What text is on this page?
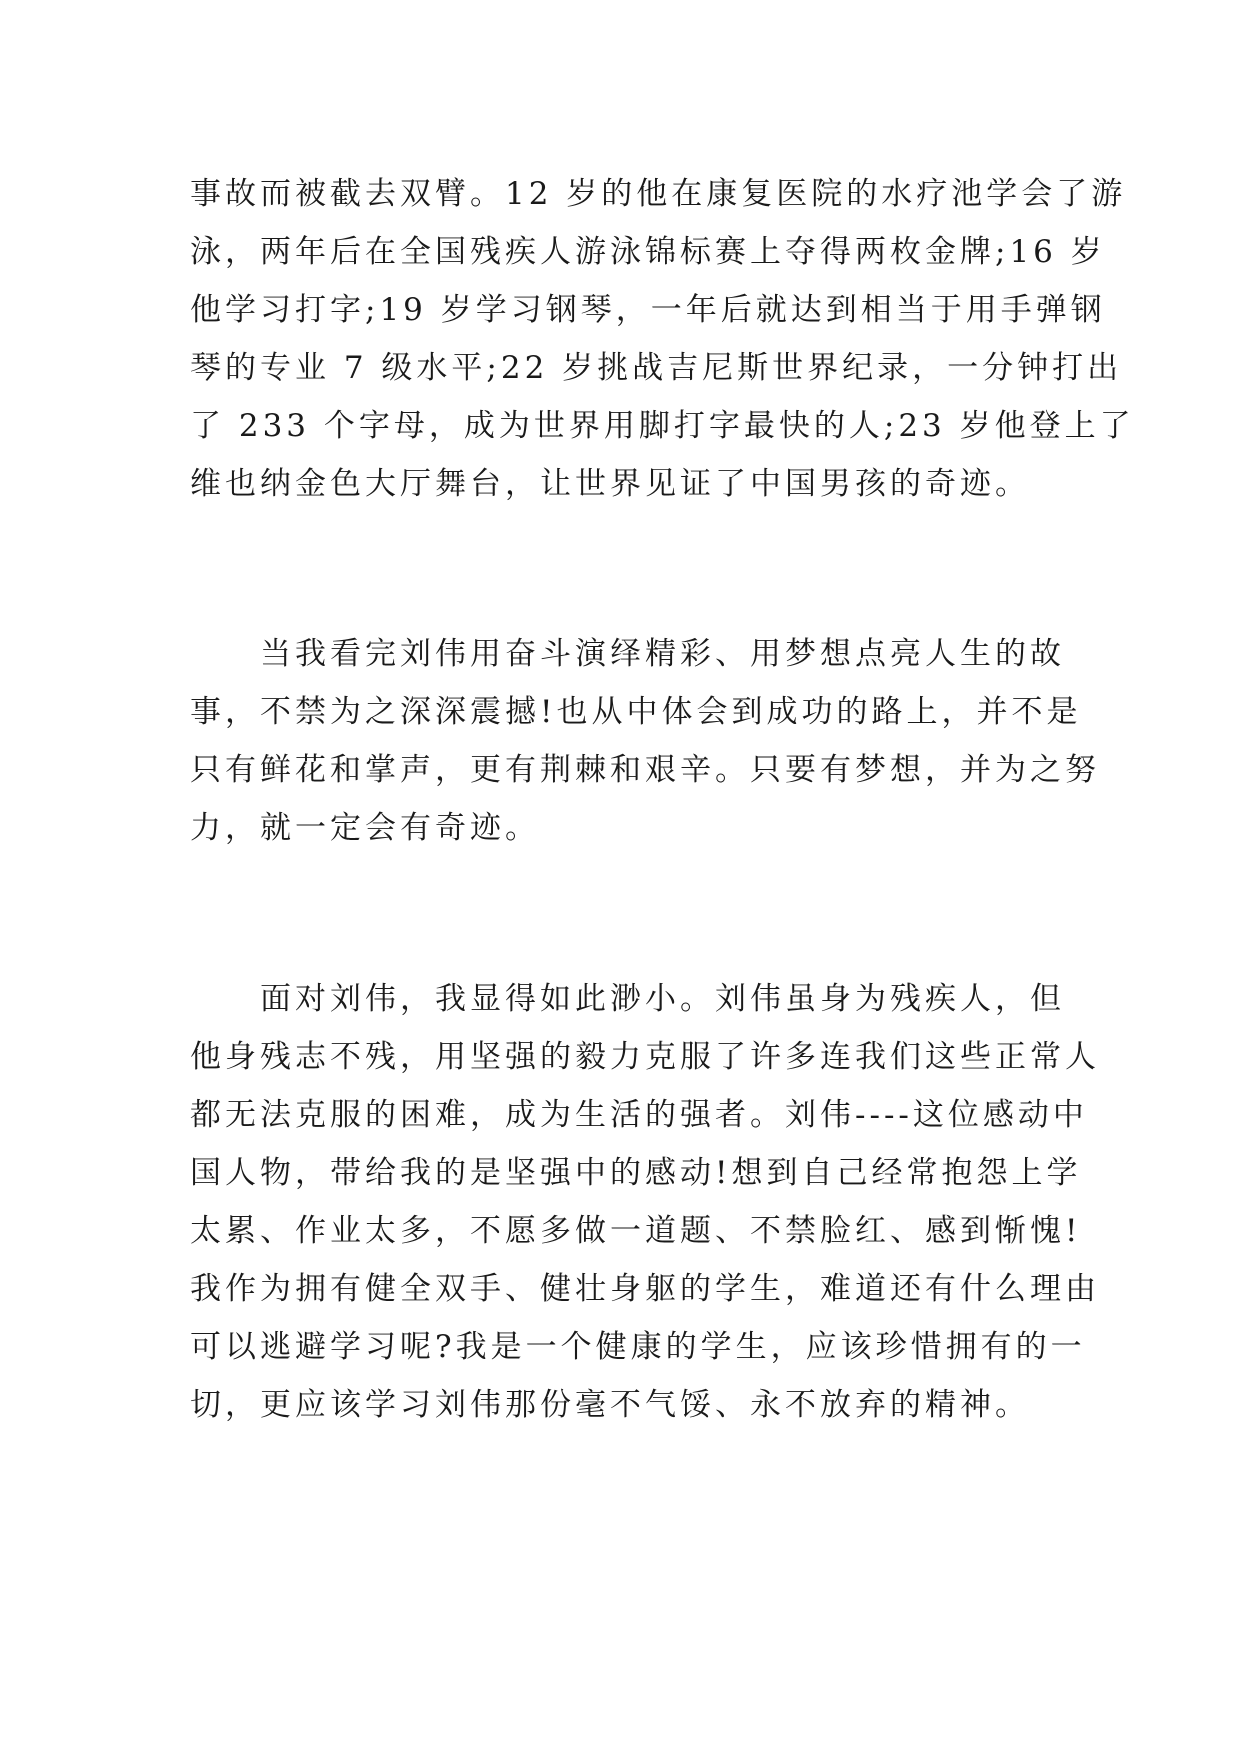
事故而被截去双臂。12 岁的他在康复医院的水疗池学会了游
泳，两年后在全国残疾人游泳锦标赛上夺得两枚金牌;16 岁
他学习打字;19 岁学习钢琴，一年后就达到相当于用手弹钢
琴的专业 7 级水平;22 岁挑战吉尼斯世界纪录，一分钟打出
了 233 个字母，成为世界用脚打字最快的人;23 岁他登上了
维也纳金色大厅舞台，让世界见证了中国男孩的奇迹。
　　当我看完刘伟用奋斗演绎精彩、用梦想点亮人生的故
事，不禁为之深深震撼!也从中体会到成功的路上，并不是
只有鲜花和掌声，更有荆棘和艰辛。只要有梦想，并为之努
力，就一定会有奇迹。
　　面对刘伟，我显得如此渺小。刘伟虽身为残疾人，但
他身残志不残，用坚强的毅力克服了许多连我们这些正常人
都无法克服的困难，成为生活的强者。刘伟----这位感动中
国人物，带给我的是坚强中的感动!想到自己经常抱怨上学
太累、作业太多，不愿多做一道题、不禁脸红、感到惭愧!
我作为拥有健全双手、健壮身躯的学生，难道还有什么理由
可以逃避学习呢?我是一个健康的学生，应该珍惜拥有的一
切，更应该学习刘伟那份毫不气馁、永不放弃的精神。
